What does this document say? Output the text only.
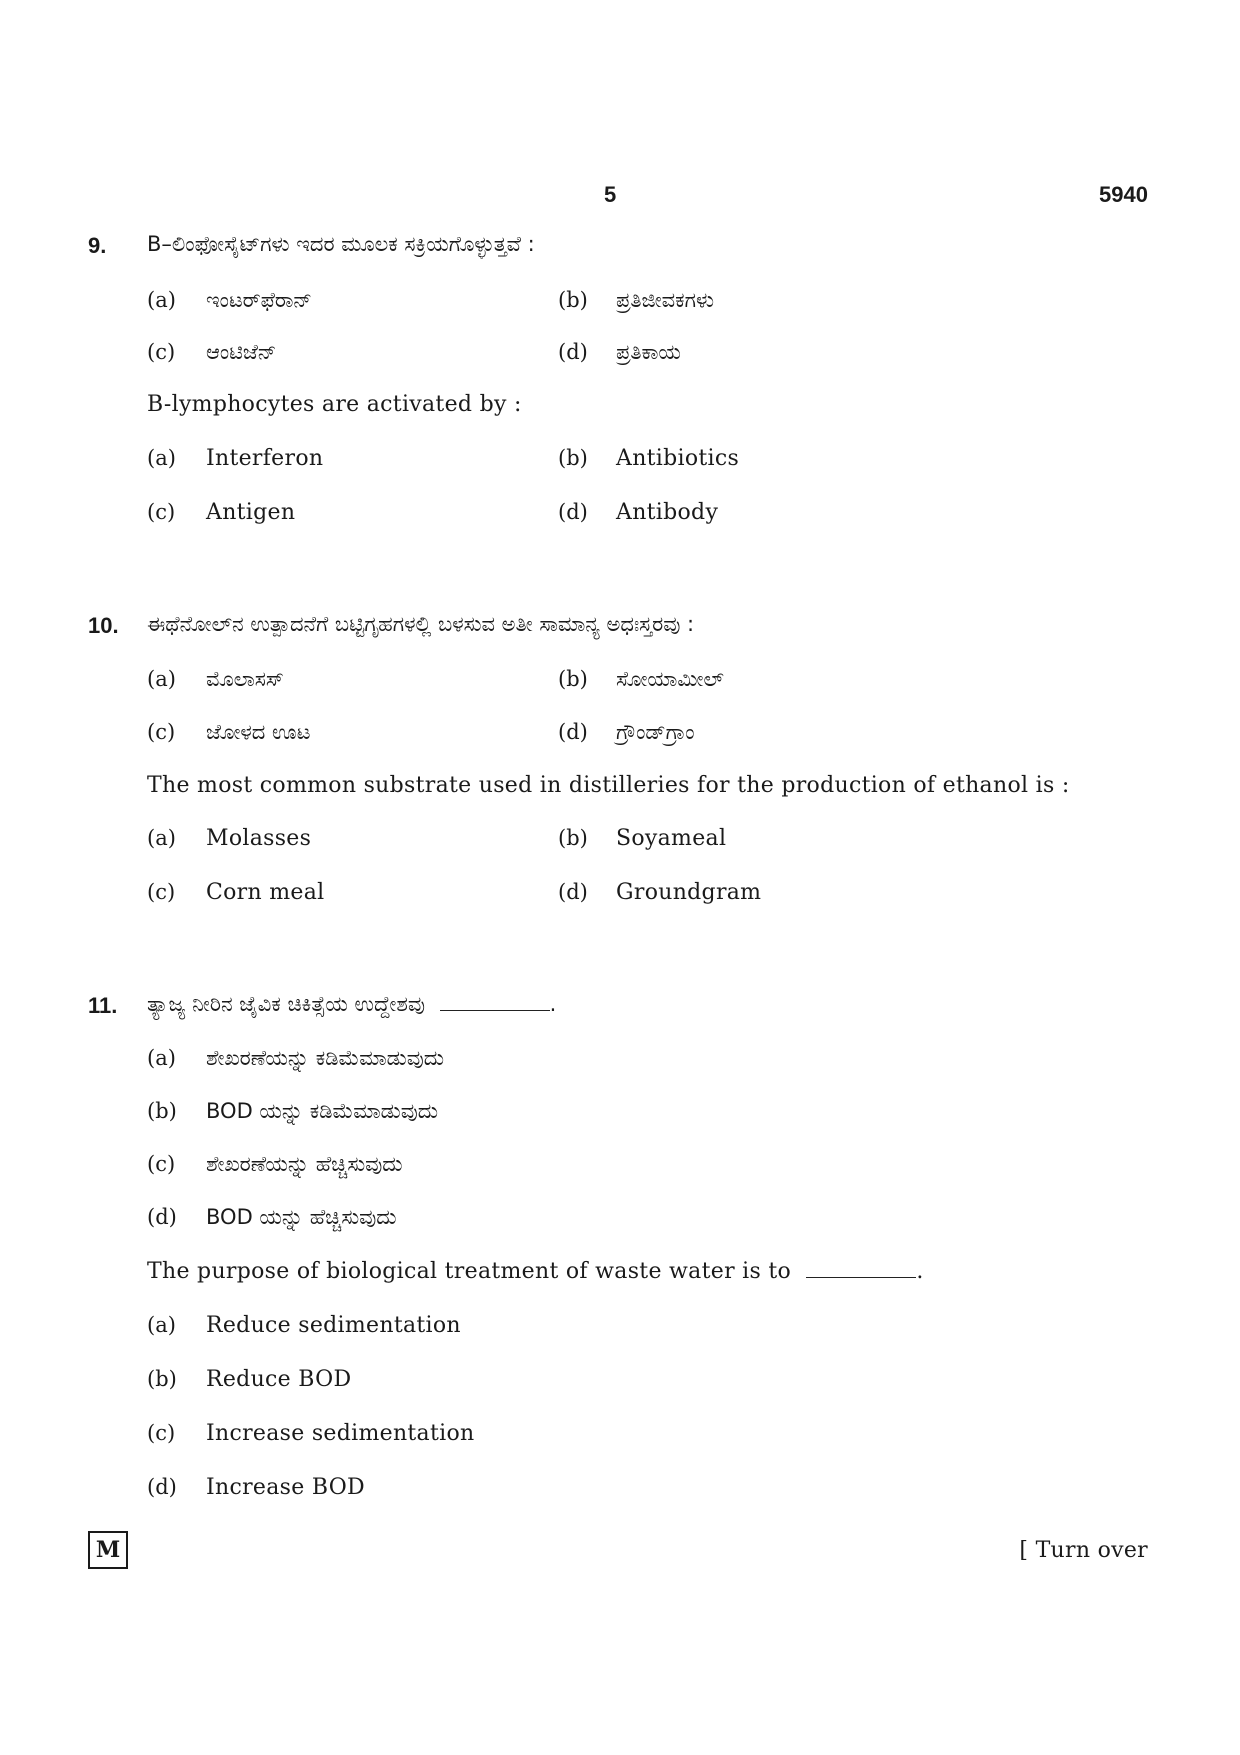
5	5940
9. B–ಲಿಂಫೋಸೈಟ್‌ಗಳು ಇದರ ಮೂಲಕ ಸಕ್ರಿಯಗೊಳ್ಳುತ್ತವೆ :
(a) ಇಂಟರ್‌ಫೆರಾನ್	(b) ಪ್ರತಿಜೀವಕಗಳು
(c) ಆಂಟಿಜೆನ್	(d) ಪ್ರತಿಕಾಯ
B-lymphocytes are activated by :
(a) Interferon	(b) Antibiotics
(c) Antigen	(d) Antibody
10. ಈಥೆನೋಲ್‌ನ ಉತ್ಪಾದನೆಗೆ ಬಟ್ಟಿಗೃಹಗಳಲ್ಲಿ ಬಳಸುವ ಅತೀ ಸಾಮಾನ್ಯ ಅಧಃಸ್ತರವು :
(a) ಮೊಲಾಸಸ್	(b) ಸೋಯಾಮೀಲ್
(c) ಜೋಳದ ಊಟ	(d) ಗ್ರೌಂಡ್‌ಗ್ರಾಂ
The most common substrate used in distilleries for the production of ethanol is :
(a) Molasses	(b) Soyameal
(c) Corn meal	(d) Groundgram
11. ತ್ಯಾಜ್ಯ ನೀರಿನ ಜೈವಿಕ ಚಿಕಿತ್ಸೆಯ ಉದ್ದೇಶವು	.
(a) ಶೇಖರಣೆಯನ್ನು ಕಡಿಮೆಮಾಡುವುದು
(b) BOD ಯನ್ನು ಕಡಿಮೆಮಾಡುವುದು
(c) ಶೇಖರಣೆಯನ್ನು ಹೆಚ್ಚಿಸುವುದು
(d) BOD ಯನ್ನು ಹೆಚ್ಚಿಸುವುದು
The purpose of biological treatment of waste water is to	.
(a) Reduce sedimentation
(b) Reduce BOD
(c) Increase sedimentation
(d) Increase BOD
M	[ Turn over
